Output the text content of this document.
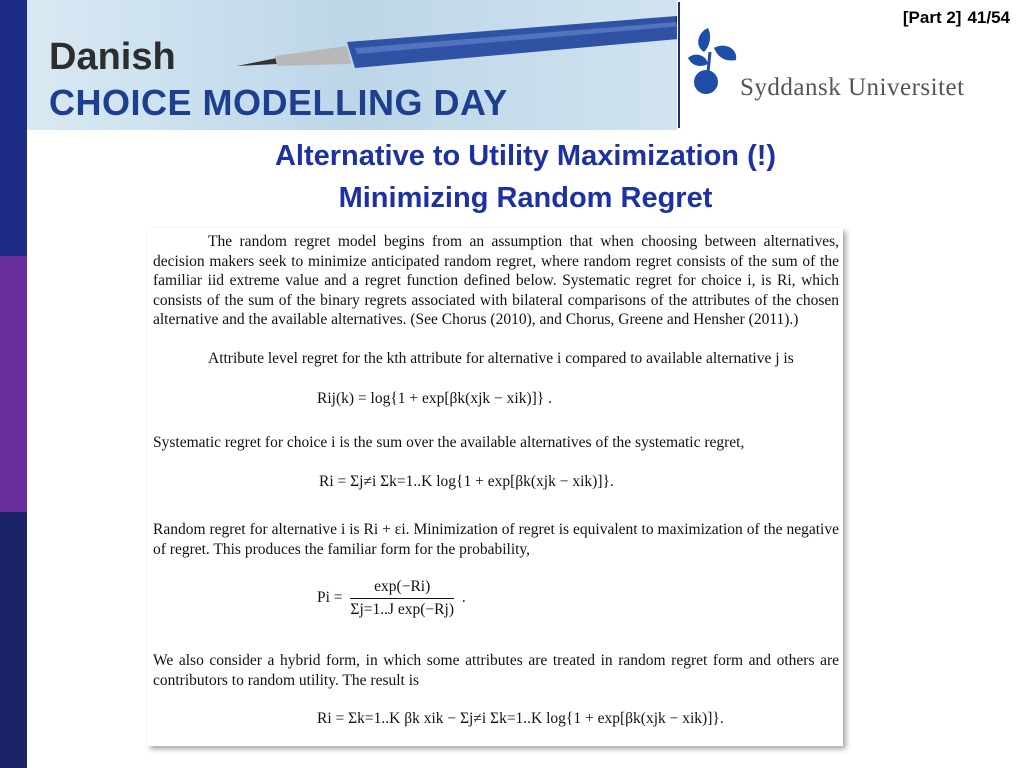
Danish
CHOICE MODELLING DAY	Syddansk Universitet
[Part 2] 41/54
Alternative to Utility Maximization (!)
Minimizing Random Regret

The random regret model begins from an assumption that when choosing between alternatives, decision makers seek to minimize anticipated random regret, where random regret consists of the sum of the familiar iid extreme value and a regret function defined below. Systematic regret for choice i, is Ri, which consists of the sum of the binary regrets associated with bilateral comparisons of the attributes of the chosen alternative and the available alternatives. (See Chorus (2010), and Chorus, Greene and Hensher (2011).)

Attribute level regret for the kth attribute for alternative i compared to available alternative j is

Rij(k) = log{1 + exp[βk(xjk − xik)]} .

Systematic regret for choice i is the sum over the available alternatives of the systematic regret,

Ri = Σj≠i Σk=1..K log{1 + exp[βk(xjk − xik)]}.

Random regret for alternative i is Ri + εi. Minimization of regret is equivalent to maximization of the negative of regret. This produces the familiar form for the probability,

$Pi = \frac{\exp(-Ri)}{\text{Σj=1..J exp(−Rj)}}$ .

We also consider a hybrid form, in which some attributes are treated in random regret form and others are contributors to random utility. The result is

Ri = Σk=1..K βk xik − Σj≠i Σk=1..K log{1 + exp[βk(xjk − xik)]}.
